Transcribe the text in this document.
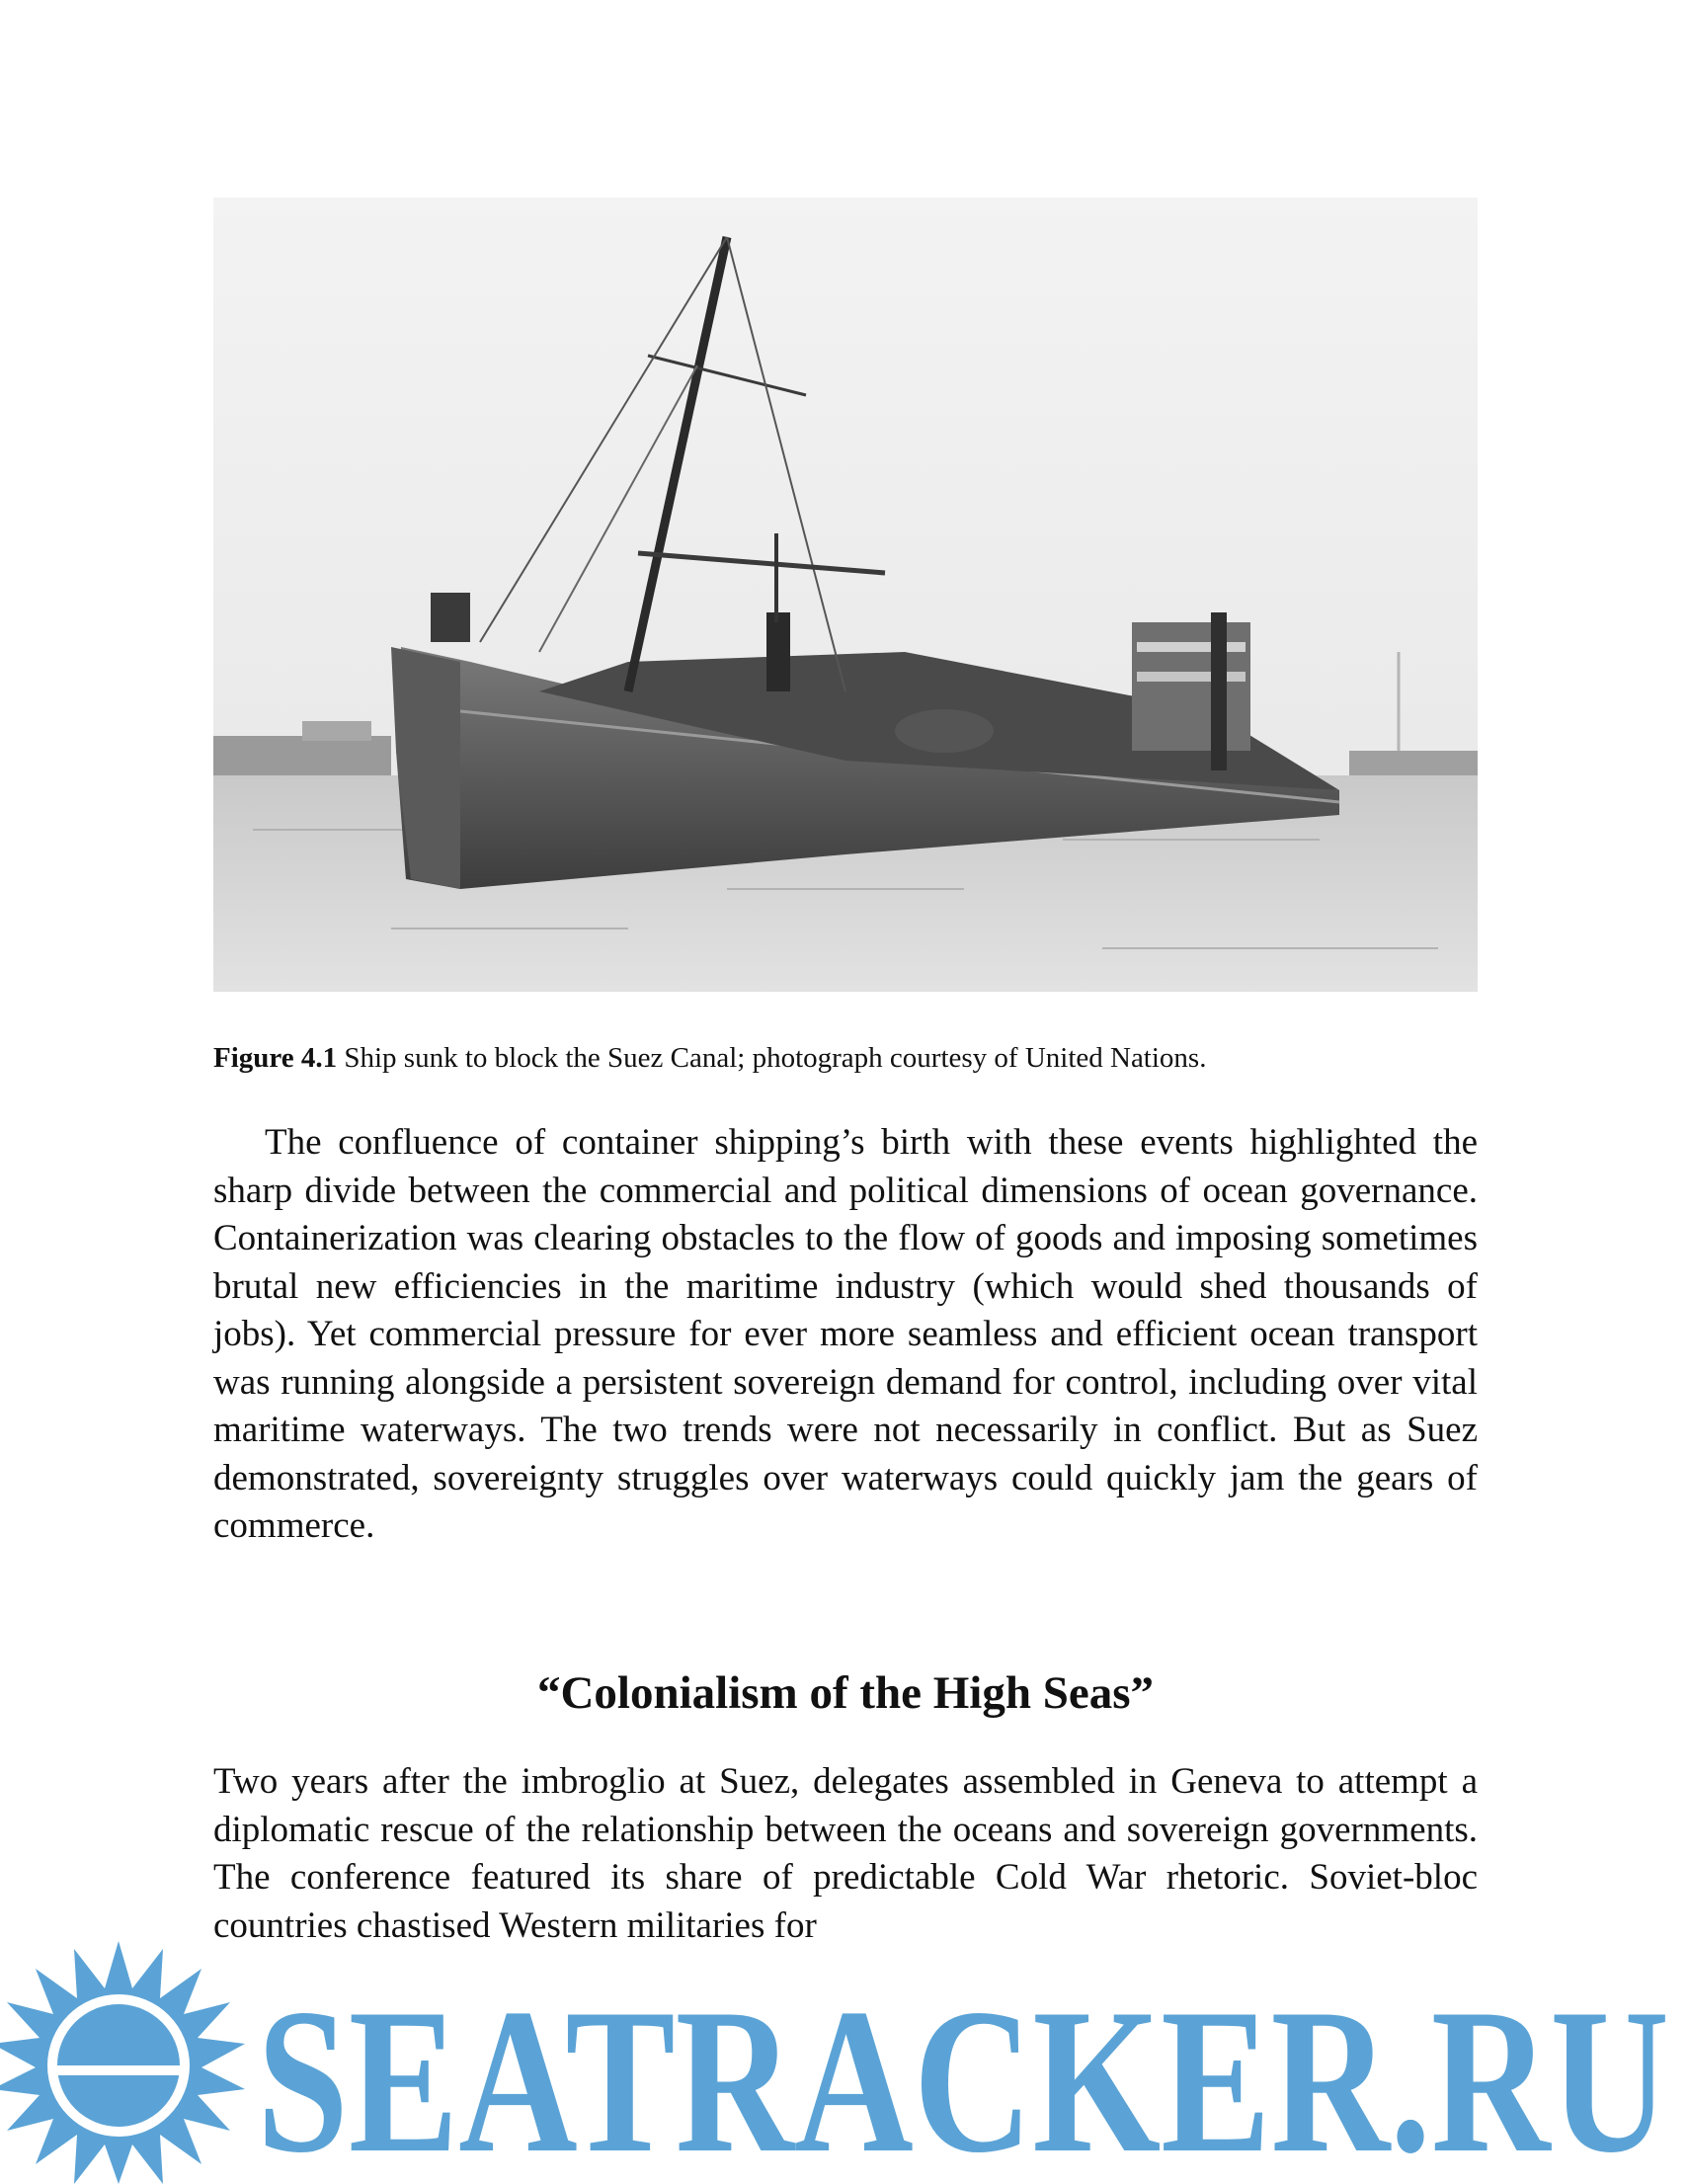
Figure 4.1 Ship sunk to block the Suez Canal; photograph courtesy of United Nations.

The confluence of container shipping’s birth with these events highlighted the sharp divide between the commercial and political dimensions of ocean governance. Containerization was clearing obstacles to the flow of goods and imposing sometimes brutal new efficiencies in the maritime industry (which would shed thousands of jobs). Yet commercial pressure for ever more seamless and efficient ocean transport was running alongside a persistent sovereign demand for control, including over vital maritime waterways. The two trends were not necessarily in conflict. But as Suez demonstrated, sovereignty struggles over waterways could quickly jam the gears of commerce.

“Colonialism of the High Seas”

Two years after the imbroglio at Suez, delegates assembled in Geneva to attempt a diplomatic rescue of the relationship between the oceans and sovereign governments. The conference featured its share of predictable Cold War rhetoric. Soviet-bloc countries chastised Western militaries for

SEATRACKER.RU
